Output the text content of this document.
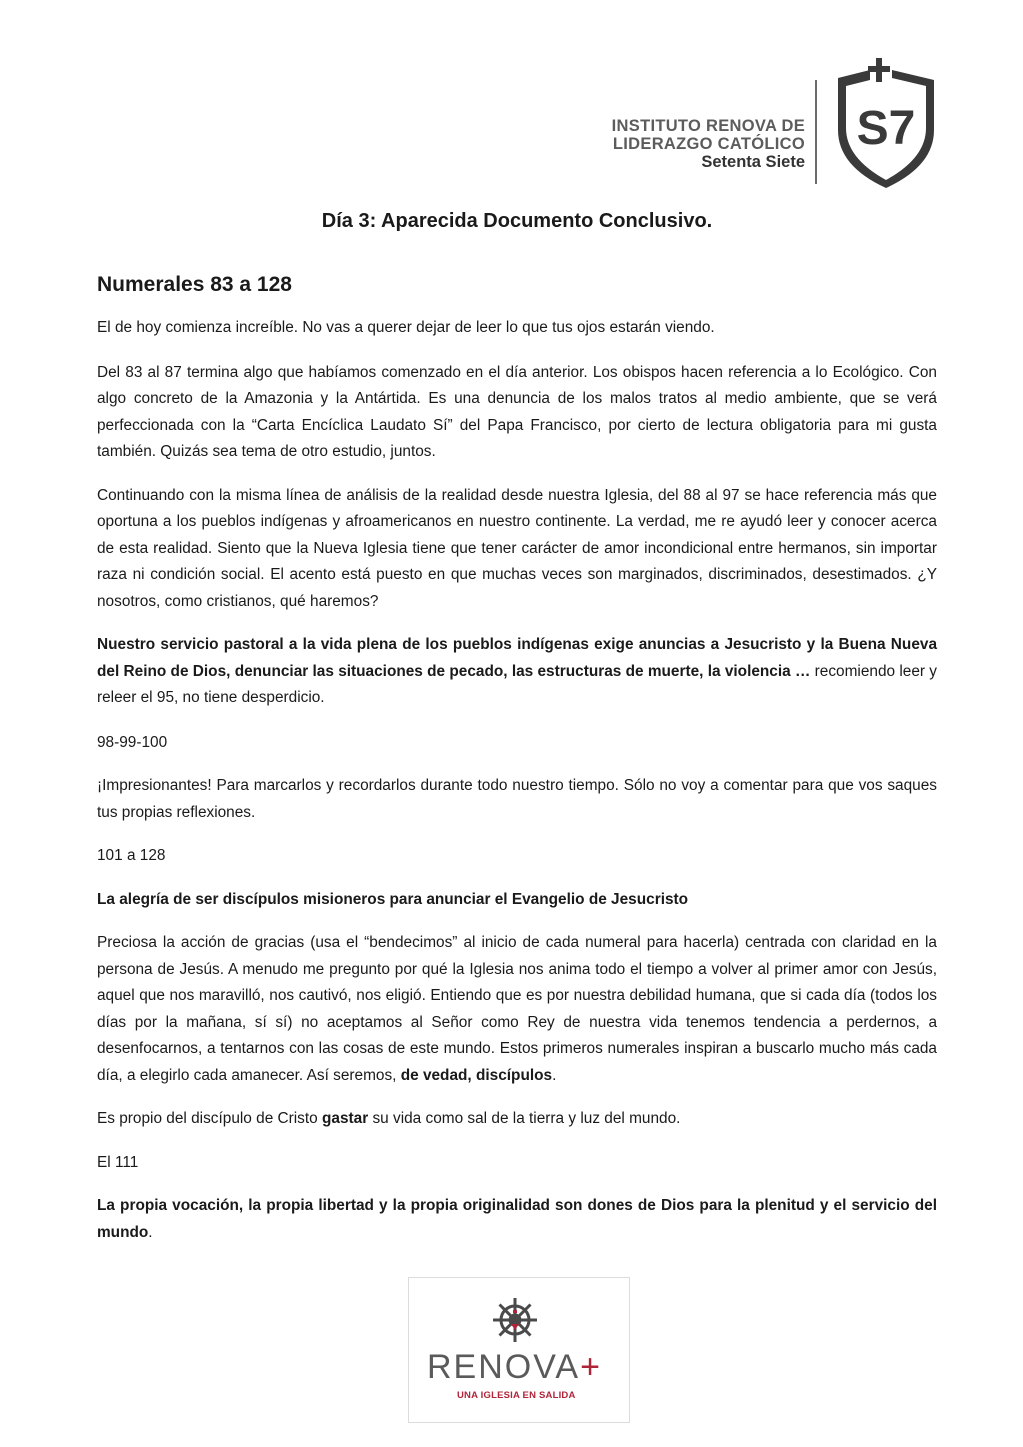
INSTITUTO RENOVA DE
LIDERAZGO CATÓLICO
Setenta Siete
S7
Día 3: Aparecida Documento Conclusivo.
Numerales 83 a 128

El de hoy comienza increíble. No vas a querer dejar de leer lo que tus ojos estarán viendo.

Del 83 al 87 termina algo que habíamos comenzado en el día anterior. Los obispos hacen referencia a lo Ecológico. Con algo concreto de la Amazonia y la Antártida. Es una denuncia de los malos tratos al medio ambiente, que se verá perfeccionada con la “Carta Encíclica Laudato Sí” del Papa Francisco, por cierto de lectura obligatoria para mi gusta también. Quizás sea tema de otro estudio, juntos.

Continuando con la misma línea de análisis de la realidad desde nuestra Iglesia, del 88 al 97 se hace referencia más que oportuna a los pueblos indígenas y afroamericanos en nuestro continente. La verdad, me re ayudó leer y conocer acerca de esta realidad. Siento que la Nueva Iglesia tiene que tener carácter de amor incondicional entre hermanos, sin importar raza ni condición social. El acento está puesto en que muchas veces son marginados, discriminados, desestimados. ¿Y nosotros, como cristianos, qué haremos?

Nuestro servicio pastoral a la vida plena de los pueblos indígenas exige anuncias a Jesucristo y la Buena Nueva del Reino de Dios, denunciar las situaciones de pecado, las estructuras de muerte, la violencia … recomiendo leer y releer el 95, no tiene desperdicio.

98-99-100

¡Impresionantes! Para marcarlos y recordarlos durante todo nuestro tiempo. Sólo no voy a comentar para que vos saques tus propias reflexiones.

101 a 128

La alegría de ser discípulos misioneros para anunciar el Evangelio de Jesucristo

Preciosa la acción de gracias (usa el “bendecimos” al inicio de cada numeral para hacerla) centrada con claridad en la persona de Jesús. A menudo me pregunto por qué la Iglesia nos anima todo el tiempo a volver al primer amor con Jesús, aquel que nos maravilló, nos cautivó, nos eligió. Entiendo que es por nuestra debilidad humana, que si cada día (todos los días por la mañana, sí sí) no aceptamos al Señor como Rey de nuestra vida tenemos tendencia a perdernos, a desenfocarnos, a tentarnos con las cosas de este mundo. Estos primeros numerales inspiran a buscarlo mucho más cada día, a elegirlo cada amanecer. Así seremos, de vedad, discípulos.

Es propio del discípulo de Cristo gastar su vida como sal de la tierra y luz del mundo.

El 111

La propia vocación, la propia libertad y la propia originalidad son dones de Dios para la plenitud y el servicio del mundo.

RENOVA+
UNA IGLESIA EN SALIDA
